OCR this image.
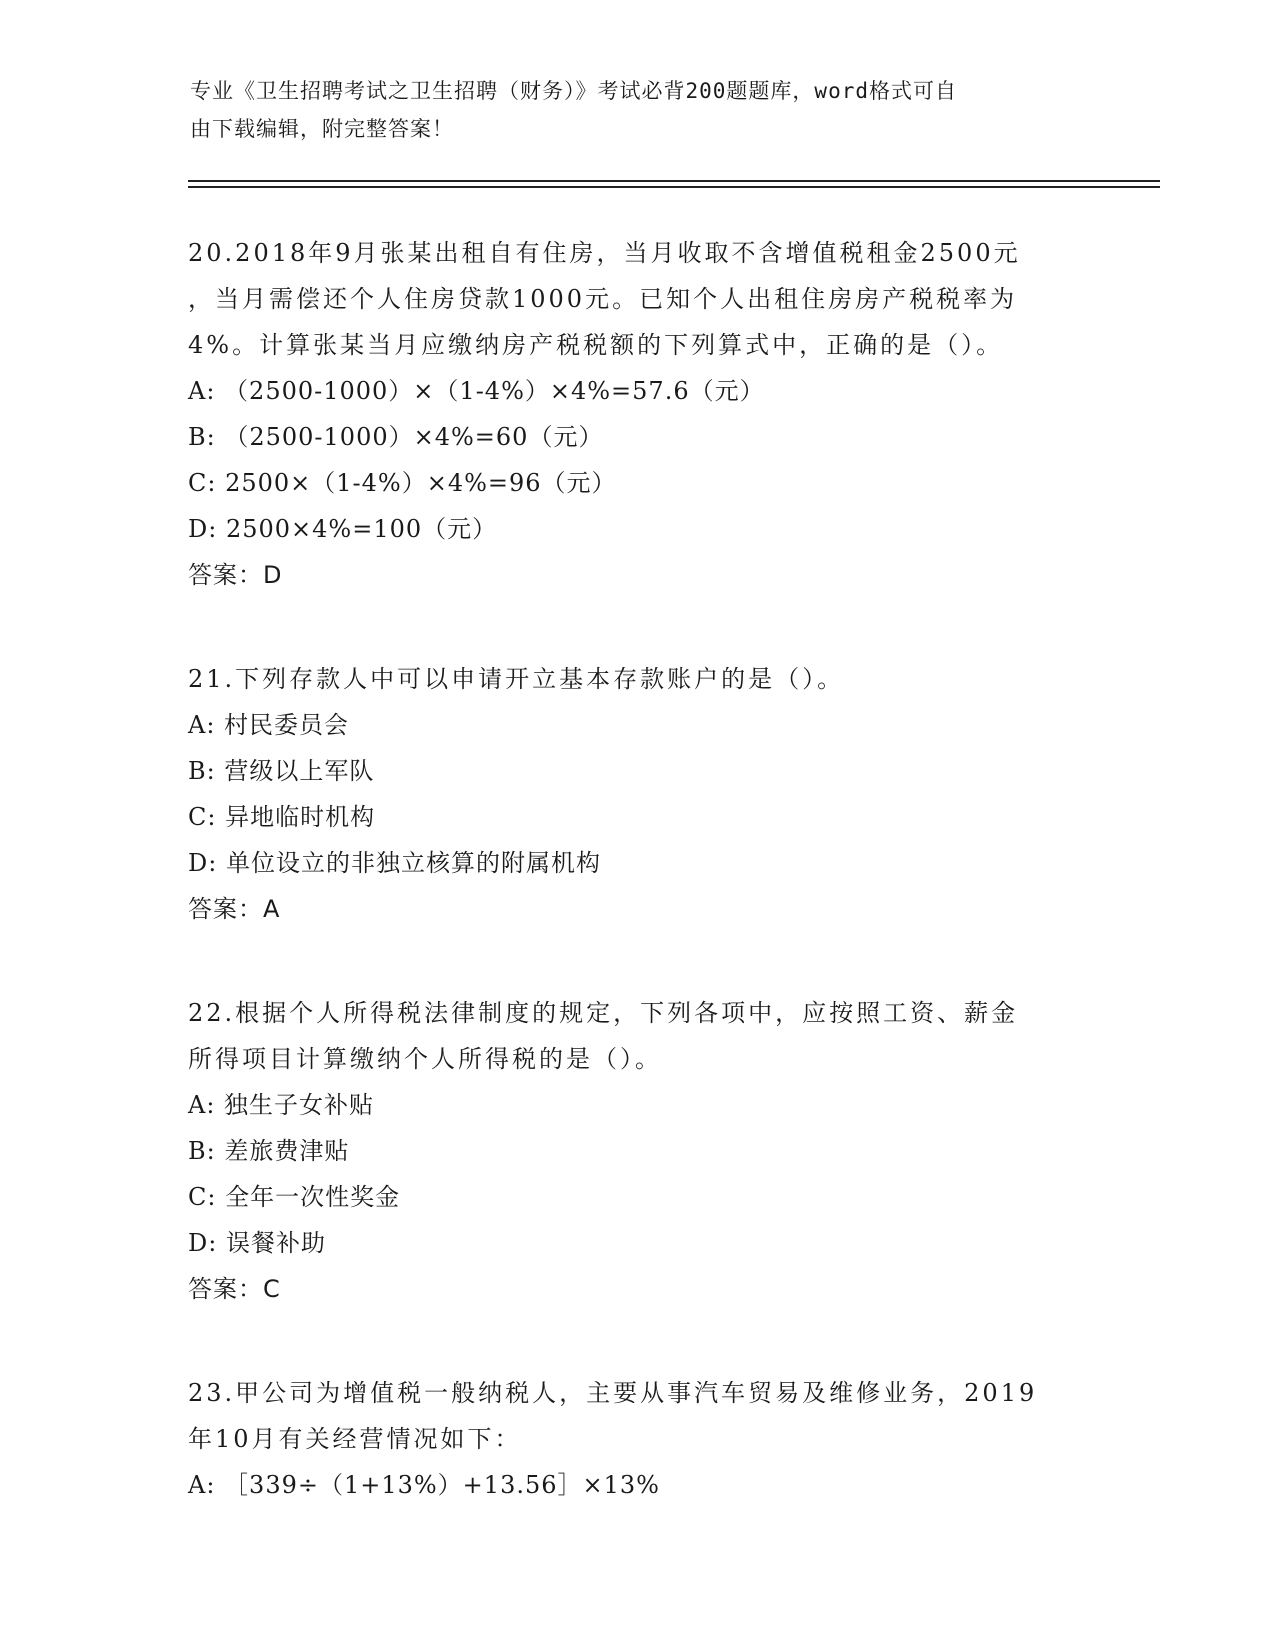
专业《卫生招聘考试之卫生招聘（财务）》考试必背200题题库，word格式可自
由下载编辑，附完整答案！
20.2018年9月张某出租自有住房，当月收取不含增值税租金2500元
，当月需偿还个人住房贷款1000元。已知个人出租住房房产税税率为
4%。计算张某当月应缴纳房产税税额的下列算式中，正确的是（）。
A: （2500-1000）×（1-4%）×4%=57.6（元）
B: （2500-1000）×4%=60（元）
C: 2500×（1-4%）×4%=96（元）
D: 2500×4%=100（元）
答案：D
21.下列存款人中可以申请开立基本存款账户的是（）。
A: 村民委员会
B: 营级以上军队
C: 异地临时机构
D: 单位设立的非独立核算的附属机构
答案：A
22.根据个人所得税法律制度的规定，下列各项中，应按照工资、薪金
所得项目计算缴纳个人所得税的是（）。
A: 独生子女补贴
B: 差旅费津贴
C: 全年一次性奖金
D: 误餐补助
答案：C
23.甲公司为增值税一般纳税人，主要从事汽车贸易及维修业务，2019
年10月有关经营情况如下：
A: ［339÷（1+13%）+13.56］×13%
